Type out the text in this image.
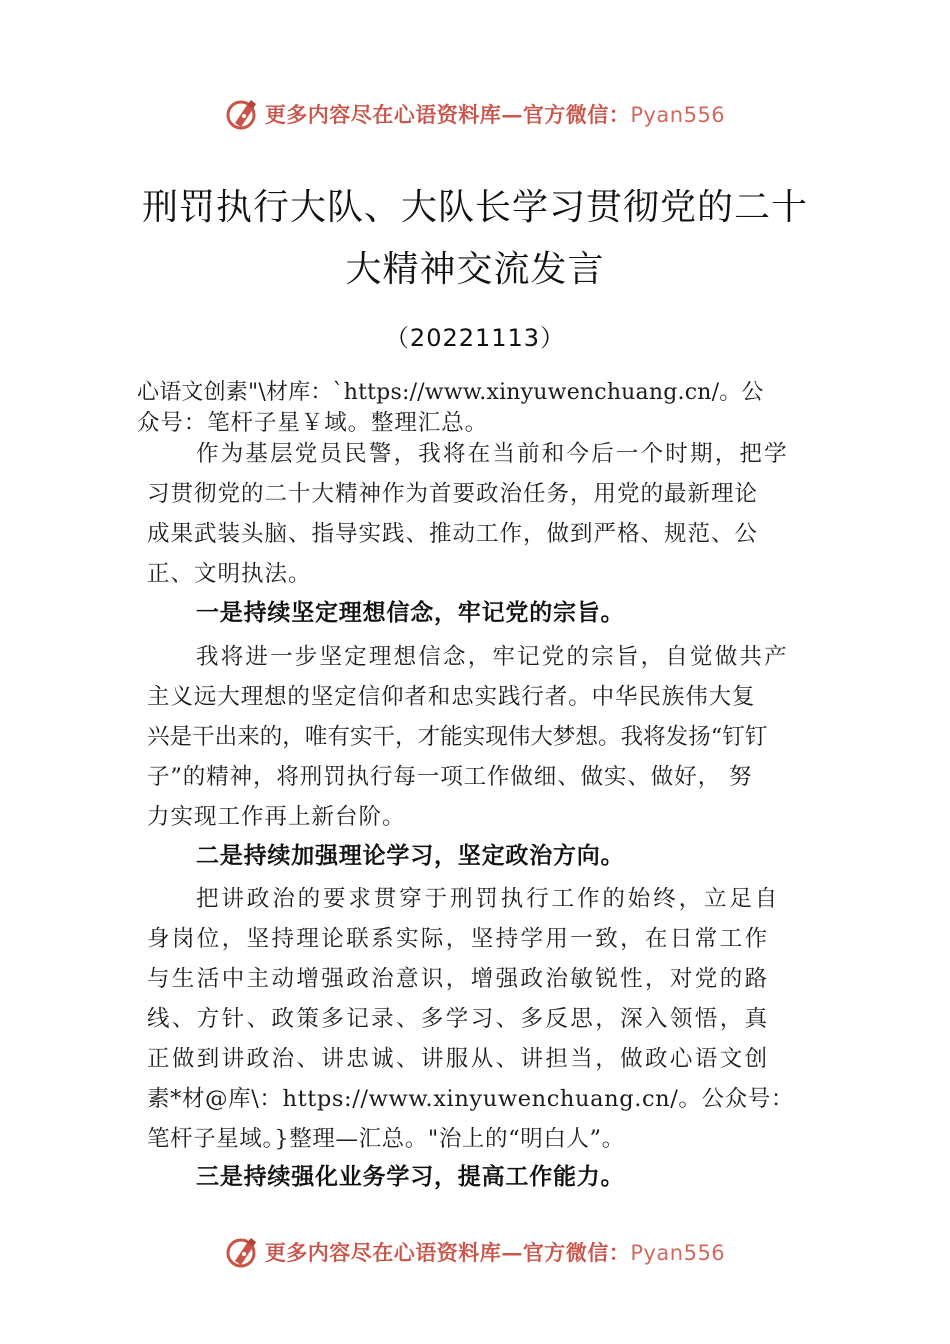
更多内容尽在心语资料库—官方微信：Pyan556
刑罚执行大队、大队长学习贯彻党的二十
大精神交流发言
（20221113）
心语文创素"\材库：`https://www.xinyuwenchuang.cn/。公
众号：笔杆子星￥域。整理汇总。
作为基层党员民警，我将在当前和今后一个时期，把学
习贯彻党的二十大精神作为首要政治任务，用党的最新理论
成果武装头脑、指导实践、推动工作，做到严格、规范、公
正、文明执法。
一是持续坚定理想信念，牢记党的宗旨。
我将进一步坚定理想信念，牢记党的宗旨，自觉做共产
主义远大理想的坚定信仰者和忠实践行者。中华民族伟大复
兴是干出来的，唯有实干，才能实现伟大梦想。我将发扬“钉钉
子”的精神，将刑罚执行每一项工作做细、做实、做好， 努
力实现工作再上新台阶。
二是持续加强理论学习，坚定政治方向。
把讲政治的要求贯穿于刑罚执行工作的始终，立足自
身岗位，坚持理论联系实际，坚持学用一致，在日常工作
与生活中主动增强政治意识，增强政治敏锐性，对党的路
线、方针、政策多记录、多学习、多反思，深入领悟，真
正做到讲政治、讲忠诚、讲服从、讲担当，做政心语文创
素*材@库\：https://www.xinyuwenchuang.cn/。公众号：
笔杆子星域。}整理—汇总。"治上的“明白人”。
三是持续强化业务学习，提高工作能力。
更多内容尽在心语资料库—官方微信：Pyan556
